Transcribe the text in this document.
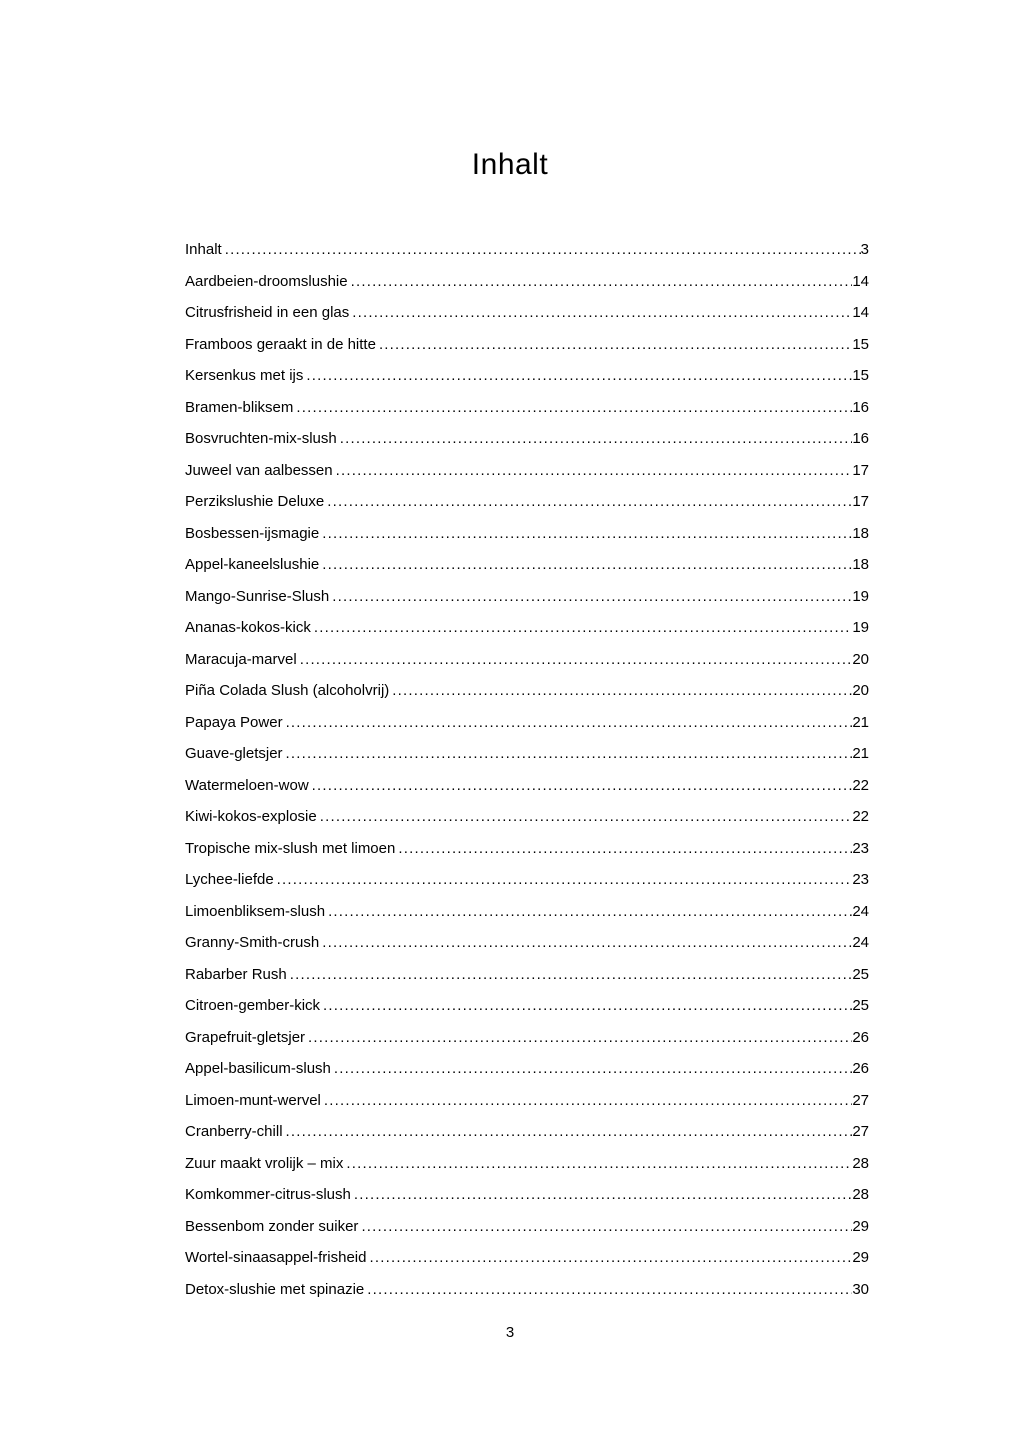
Inhalt
Inhalt .....	3
Aardbeien-droomslushie .....	14
Citrusfrisheid in een glas .....	14
Framboos geraakt in de hitte .....	15
Kersenkus met ijs .....	15
Bramen-bliksem .....	16
Bosvruchten-mix-slush .....	16
Juweel van aalbessen .....	17
Perzikslushie Deluxe .....	17
Bosbessen-ijsmagie .....	18
Appel-kaneelslushie .....	18
Mango-Sunrise-Slush .....	19
Ananas-kokos-kick .....	19
Maracuja-marvel .....	20
Piña Colada Slush (alcoholvrij) .....	20
Papaya Power .....	21
Guave-gletsjer .....	21
Watermeloen-wow .....	22
Kiwi-kokos-explosie .....	22
Tropische mix-slush met limoen .....	23
Lychee-liefde .....	23
Limoenbliksem-slush .....	24
Granny-Smith-crush .....	24
Rabarber Rush .....	25
Citroen-gember-kick .....	25
Grapefruit-gletsjer .....	26
Appel-basilicum-slush .....	26
Limoen-munt-wervel .....	27
Cranberry-chill .....	27
Zuur maakt vrolijk – mix .....	28
Komkommer-citrus-slush .....	28
Bessenbom zonder suiker .....	29
Wortel-sinaasappel-frisheid .....	29
Detox-slushie met spinazie .....	30
3
